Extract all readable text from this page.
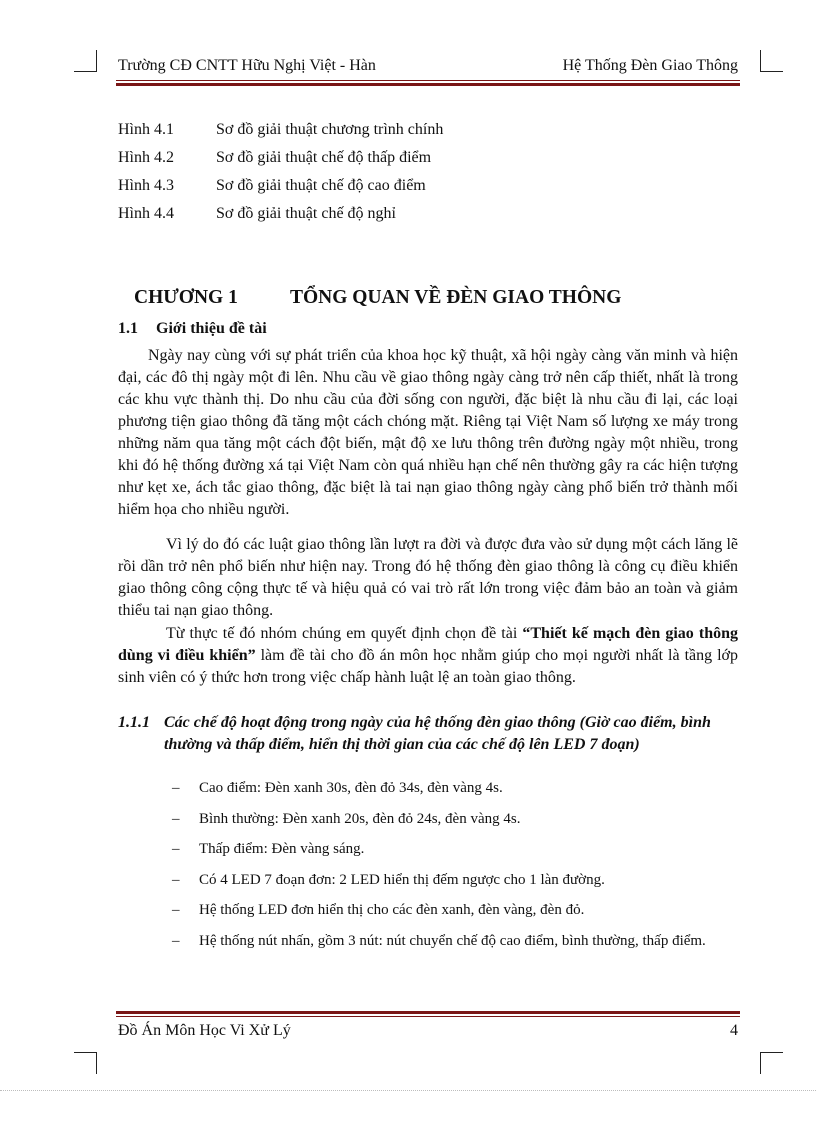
Trường CĐ CNTT Hữu Nghị Việt - Hàn	Hệ Thống Đèn Giao Thông
Hình 4.1	Sơ đồ giải thuật chương trình chính
Hình 4.2	Sơ đồ giải thuật chế độ thấp điểm
Hình 4.3	Sơ đồ giải thuật chế độ cao điểm
Hình 4.4	Sơ đồ giải thuật chế độ nghỉ
CHƯƠNG 1	TỔNG QUAN VỀ ĐÈN GIAO THÔNG
1.1 Giới thiệu đề tài

Ngày nay cùng với sự phát triển của khoa học kỹ thuật, xã hội ngày càng văn minh và hiện đại, các đô thị ngày một đi lên. Nhu cầu về giao thông ngày càng trở nên cấp thiết, nhất là trong các khu vực thành thị. Do nhu cầu của đời sống con người, đặc biệt là nhu cầu đi lại, các loại phương tiện giao thông đã tăng một cách chóng mặt. Riêng tại Việt Nam số lượng xe máy trong những năm qua tăng một cách đột biến, mật độ xe lưu thông trên đường ngày một nhiều, trong khi đó hệ thống đường xá tại Việt Nam còn quá nhiều hạn chế nên thường gây ra các hiện tượng như kẹt xe, ách tắc giao thông, đặc biệt là tai nạn giao thông ngày càng phổ biến trở thành mối hiểm họa cho nhiều người.

Vì lý do đó các luật giao thông lần lượt ra đời và được đưa vào sử dụng một cách lăng lẽ rồi dần trở nên phổ biến như hiện nay. Trong đó hệ thống đèn giao thông là công cụ điều khiển giao thông công cộng thực tế và hiệu quả có vai trò rất lớn trong việc đảm bảo an toàn và giảm thiểu tai nạn giao thông.

Từ thực tế đó nhóm chúng em quyết định chọn đề tài “Thiết kế mạch đèn giao thông dùng vi điều khiển” làm đề tài cho đồ án môn học nhằm giúp cho mọi người nhất là tầng lớp sinh viên có ý thức hơn trong việc chấp hành luật lệ an toàn giao thông.

1.1.1 Các chế độ hoạt động trong ngày của hệ thống đèn giao thông (Giờ cao điểm, bình thường và thấp điểm, hiển thị thời gian của các chế độ lên LED 7 đoạn)
– Cao điểm: Đèn xanh 30s, đèn đỏ 34s, đèn vàng 4s.
– Bình thường: Đèn xanh 20s, đèn đỏ 24s, đèn vàng 4s.
– Thấp điểm: Đèn vàng sáng.
– Có 4 LED 7 đoạn đơn: 2 LED hiển thị đếm ngược cho 1 làn đường.
– Hệ thống LED đơn hiển thị cho các đèn xanh, đèn vàng, đèn đỏ.
– Hệ thống nút nhấn, gồm 3 nút: nút chuyển chế độ cao điểm, bình thường, thấp điểm.
Đồ Án Môn Học Vi Xử Lý	4
